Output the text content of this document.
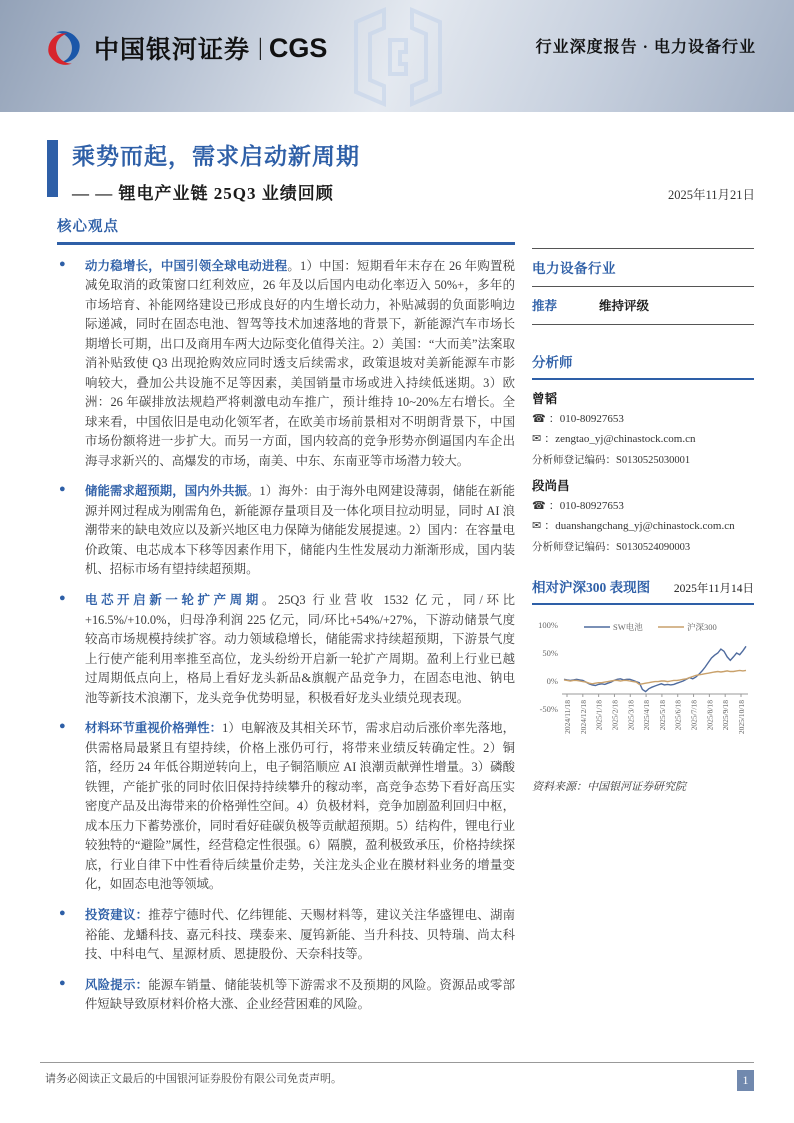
中国银河证券 | CGS	行业深度报告 · 电力设备行业
乘势而起，需求启动新周期
— — 锂电产业链 25Q3 业绩回顾	2025年11月21日
核心观点
● 动力稳增长，中国引领全球电动进程。1）中国：短期看年末存在 26 年购置税减免取消的政策窗口红利效应，26 年及以后国内电动化率迈入 50%+，多年的市场培育、补能网络建设已形成良好的内生增长动力，补贴减弱的负面影响边际递减，同时在固态电池、智驾等技术加速落地的背景下，新能源汽车市场长期增长可期，出口及商用车两大边际变化值得关注。2）美国：“大而美”法案取消补贴致使 Q3 出现抢购效应同时透支后续需求，政策退坡对美新能源车市影响较大，叠加公共设施不足等因素，美国销量市场或进入持续低迷期。3）欧洲：26 年碳排放法规趋严将刺激电动车推广，预计维持 10~20%左右增长。全球来看，中国依旧是电动化领军者，在欧美市场前景相对不明朗背景下，中国市场份额将进一步扩大。而另一方面，国内较高的竞争形势亦倒逼国内车企出海寻求新兴的、高爆发的市场，南美、中东、东南亚等市场潜力较大。

● 储能需求超预期，国内外共振。1）海外：由于海外电网建设薄弱，储能在新能源并网过程成为刚需角色，新能源存量项目及一体化项目拉动明显，同时 AI 浪潮带来的缺电效应以及新兴地区电力保障为储能发展提速。2）国内：在容量电价政策、电芯成本下移等因素作用下，储能内生性发展动力渐渐形成，国内装机、招标市场有望持续超预期。

● 电芯开启新一轮扩产周期。25Q3 行业营收 1532 亿元，同/环比+16.5%/+10.0%，归母净利润 225 亿元，同/环比+54%/+27%，下游动储景气度较高市场规模持续扩容。动力领域稳增长，储能需求持续超预期，下游景气度上行使产能利用率推至高位，龙头纷纷开启新一轮扩产周期。盈利上行业已越过周期低点向上，格局上看好龙头新品&旗舰产品竞争力，在固态电池、钠电池等新技术浪潮下，龙头竞争优势明显，积极看好龙头业绩兑现表现。

● 材料环节重视价格弹性：1）电解液及其相关环节，需求启动后涨价率先落地，供需格局最紧且有望持续，价格上涨仍可行，将带来业绩反转确定性。2）铜箔，经历 24 年低谷期逆转向上，电子铜箔顺应 AI 浪潮贡献弹性增量。3）磷酸铁锂，产能扩张的同时依旧保持持续攀升的稼动率，高竞争态势下看好高压实密度产品及出海带来的价格弹性空间。4）负极材料，竞争加剧盈利回归中枢，成本压力下蓄势涨价，同时看好硅碳负极等贡献超预期。5）结构件，锂电行业较独特的“避险”属性，经营稳定性很强。6）隔膜，盈利极致承压，价格持续探底，行业自律下中性看待后续量价走势，关注龙头企业在膜材料业务的增量变化，如固态电池等领域。

● 投资建议：推荐宁德时代、亿纬锂能、天赐材料等，建议关注华盛锂电、湖南裕能、龙蟠科技、嘉元科技、璞泰来、厦钨新能、当升科技、贝特瑞、尚太科技、中科电气、星源材质、恩捷股份、天奈科技等。

● 风险提示：能源车销量、储能装机等下游需求不及预期的风险。资源品或零部件短缺导致原材料价格大涨、企业经营困难的风险。

电力设备行业
推荐	维持评级
分析师
曾韬
☎ ：010-80927653
✉ ：zengtao_yj@chinastock.com.cn
分析师登记编码：S0130525030001
段尚昌
☎ ：010-80927653
✉ ：duanshangchang_yj@chinastock.com.cn
分析师登记编码：S0130524090003
相对沪深300 表现图 2025年11月14日
100%
50%
0%
-50% 2024/11/18 2024/12/18 2025/1/18 2025/2/18 2025/3/18 2025/4/18 2025/5/18 2025/6/18 2025/7/18 2025/8/18 2025/9/18 2025/10/18
SW电池	沪深300
资料来源：中国银河证券研究院
请务必阅读正文最后的中国银河证券股份有限公司免责声明。	1
